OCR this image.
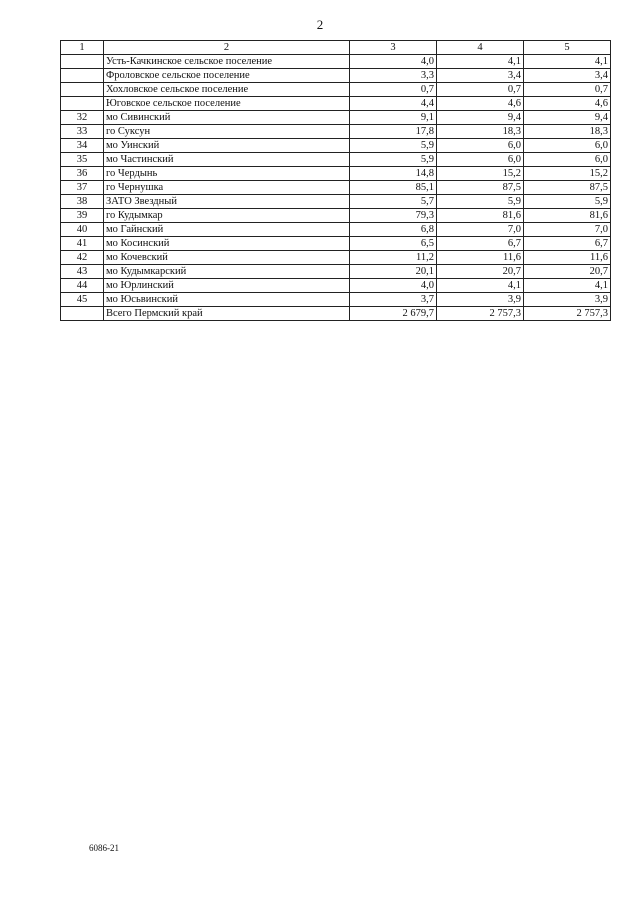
2
1	2	3	4	5
	Усть-Качкинское сельское поселение	4,0	4,1	4,1
	Фроловское сельское поселение	3,3	3,4	3,4
	Хохловское сельское поселение	0,7	0,7	0,7
	Юговское сельское поселение	4,4	4,6	4,6
32	мо Сивинский	9,1	9,4	9,4
33	го Суксун	17,8	18,3	18,3
34	мо Уинский	5,9	6,0	6,0
35	мо Частинский	5,9	6,0	6,0
36	го Чердынь	14,8	15,2	15,2
37	го Чернушка	85,1	87,5	87,5
38	ЗАТО Звездный	5,7	5,9	5,9
39	го Кудымкар	79,3	81,6	81,6
40	мо Гайнский	6,8	7,0	7,0
41	мо Косинский	6,5	6,7	6,7
42	мо Кочевский	11,2	11,6	11,6
43	мо Кудымкарский	20,1	20,7	20,7
44	мо Юрлинский	4,0	4,1	4,1
45	мо Юсьвинский	3,7	3,9	3,9
	Всего Пермский край	2 679,7	2 757,3	2 757,3
6086-21
